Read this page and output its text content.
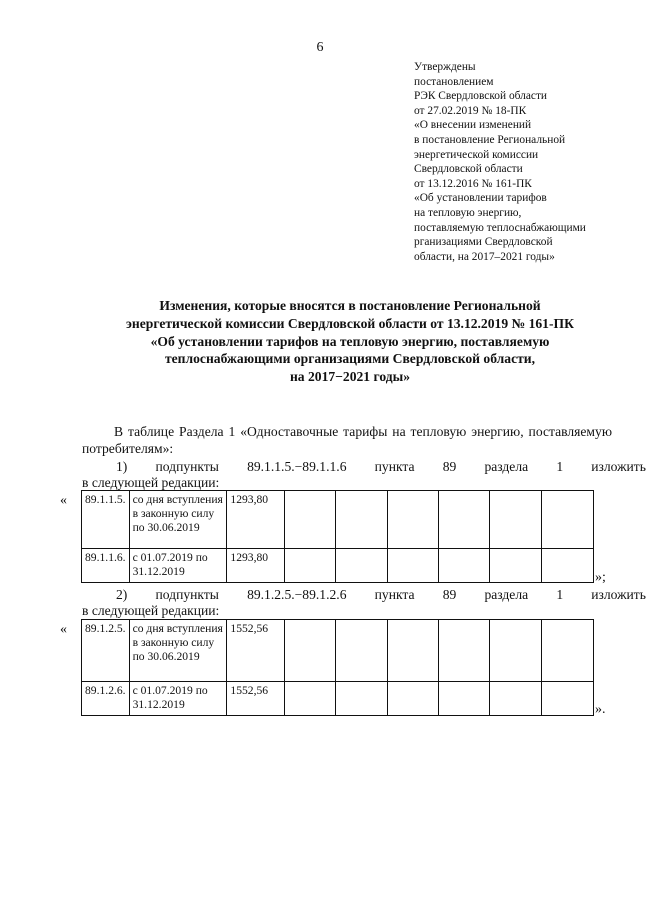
6
Утверждены
постановлением
РЭК Свердловской области
от 27.02.2019 № 18-ПК
«О внесении изменений
в постановление Региональной
энергетической комиссии
Свердловской области
от 13.12.2016 № 161-ПК
«Об установлении тарифов
на тепловую энергию,
поставляемую теплоснабжающими
рганизациями Свердловской
области, на 2017–2021 годы»
Изменения, которые вносятся в постановление Региональной
энергетической комиссии Свердловской области от 13.12.2019 № 161-ПК
«Об установлении тарифов на тепловую энергию, поставляемую
теплоснабжающими организациями Свердловской области,
на 2017−2021 годы»
В таблице Раздела 1 «Одноставочные тарифы на тепловую энергию, поставляемую потребителям»:
1) подпункты 89.1.1.5.−89.1.1.6 пункта 89 раздела 1 изложить
в следующей редакции:
« 89.1.1.5.	со дня вступления в законную силу по 30.06.2019	1293,80						
89.1.1.6.	с 01.07.2019 по 31.12.2019	1293,80						
»;
2) подпункты 89.1.2.5.−89.1.2.6 пункта 89 раздела 1 изложить
в следующей редакции:
« 89.1.2.5.	со дня вступления в законную силу по 30.06.2019	1552,56						
89.1.2.6.	с 01.07.2019 по 31.12.2019	1552,56						
».
